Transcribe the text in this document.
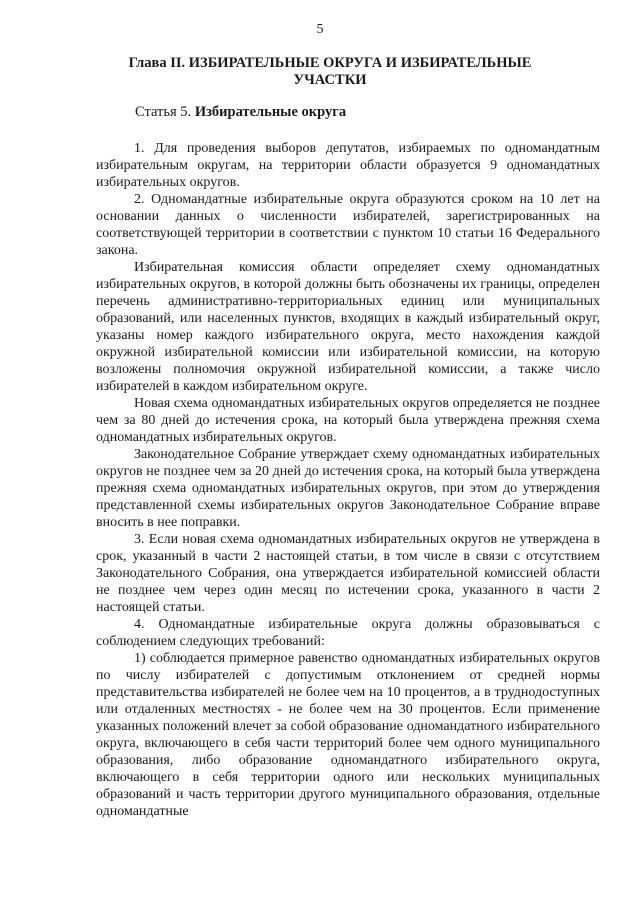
5
Глава II. ИЗБИРАТЕЛЬНЫЕ ОКРУГА И ИЗБИРАТЕЛЬНЫЕ УЧАСТКИ
Статья 5. Избирательные округа

1. Для проведения выборов депутатов, избираемых по одномандатным избирательным округам, на территории области образуется 9 одномандатных избирательных округов.

2. Одномандатные избирательные округа образуются сроком на 10 лет на основании данных о численности избирателей, зарегистрированных на соответствующей территории в соответствии с пунктом 10 статьи 16 Федерального закона.

Избирательная комиссия области определяет схему одномандатных избирательных округов, в которой должны быть обозначены их границы, определен перечень административно-территориальных единиц или муниципальных образований, или населенных пунктов, входящих в каждый избирательный округ, указаны номер каждого избирательного округа, место нахождения каждой окружной избирательной комиссии или избирательной комиссии, на которую возложены полномочия окружной избирательной комиссии, а также число избирателей в каждом избирательном округе.

Новая схема одномандатных избирательных округов определяется не позднее чем за 80 дней до истечения срока, на который была утверждена прежняя схема одномандатных избирательных округов.

Законодательное Собрание утверждает схему одномандатных избирательных округов не позднее чем за 20 дней до истечения срока, на который была утверждена прежняя схема одномандатных избирательных округов, при этом до утверждения представленной схемы избирательных округов Законодательное Собрание вправе вносить в нее поправки.

3. Если новая схема одномандатных избирательных округов не утверждена в срок, указанный в части 2 настоящей статьи, в том числе в связи с отсутствием Законодательного Собрания, она утверждается избирательной комиссией области не позднее чем через один месяц по истечении срока, указанного в части 2 настоящей статьи.

4. Одномандатные избирательные округа должны образовываться с соблюдением следующих требований:

1) соблюдается примерное равенство одномандатных избирательных округов по числу избирателей с допустимым отклонением от средней нормы представительства избирателей не более чем на 10 процентов, а в труднодоступных или отдаленных местностях - не более чем на 30 процентов. Если применение указанных положений влечет за собой образование одномандатного избирательного округа, включающего в себя части территорий более чем одного муниципального образования, либо образование одномандатного избирательного округа, включающего в себя территории одного или нескольких муниципальных образований и часть территории другого муниципального образования, отдельные одномандатные
